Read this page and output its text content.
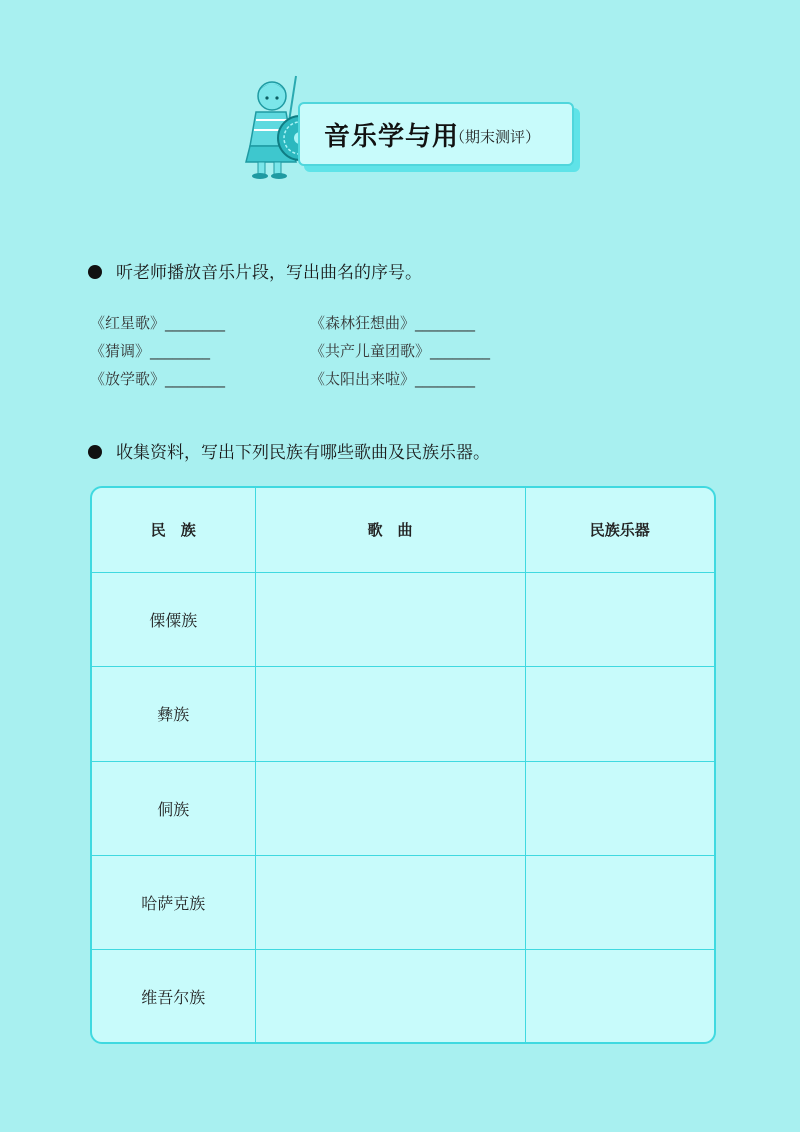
音乐学与用
（期末测评）
听老师播放音乐片段，写出曲名的序号。
《红星歌》________
《猜调》________
《放学歌》________
《森林狂想曲》________
《共产儿童团歌》________
《太阳出来啦》________
收集资料，写出下列民族有哪些歌曲及民族乐器。
民　族	歌　曲	民族乐器
傈僳族		
彝族		
侗族		
哈萨克族		
维吾尔族		
